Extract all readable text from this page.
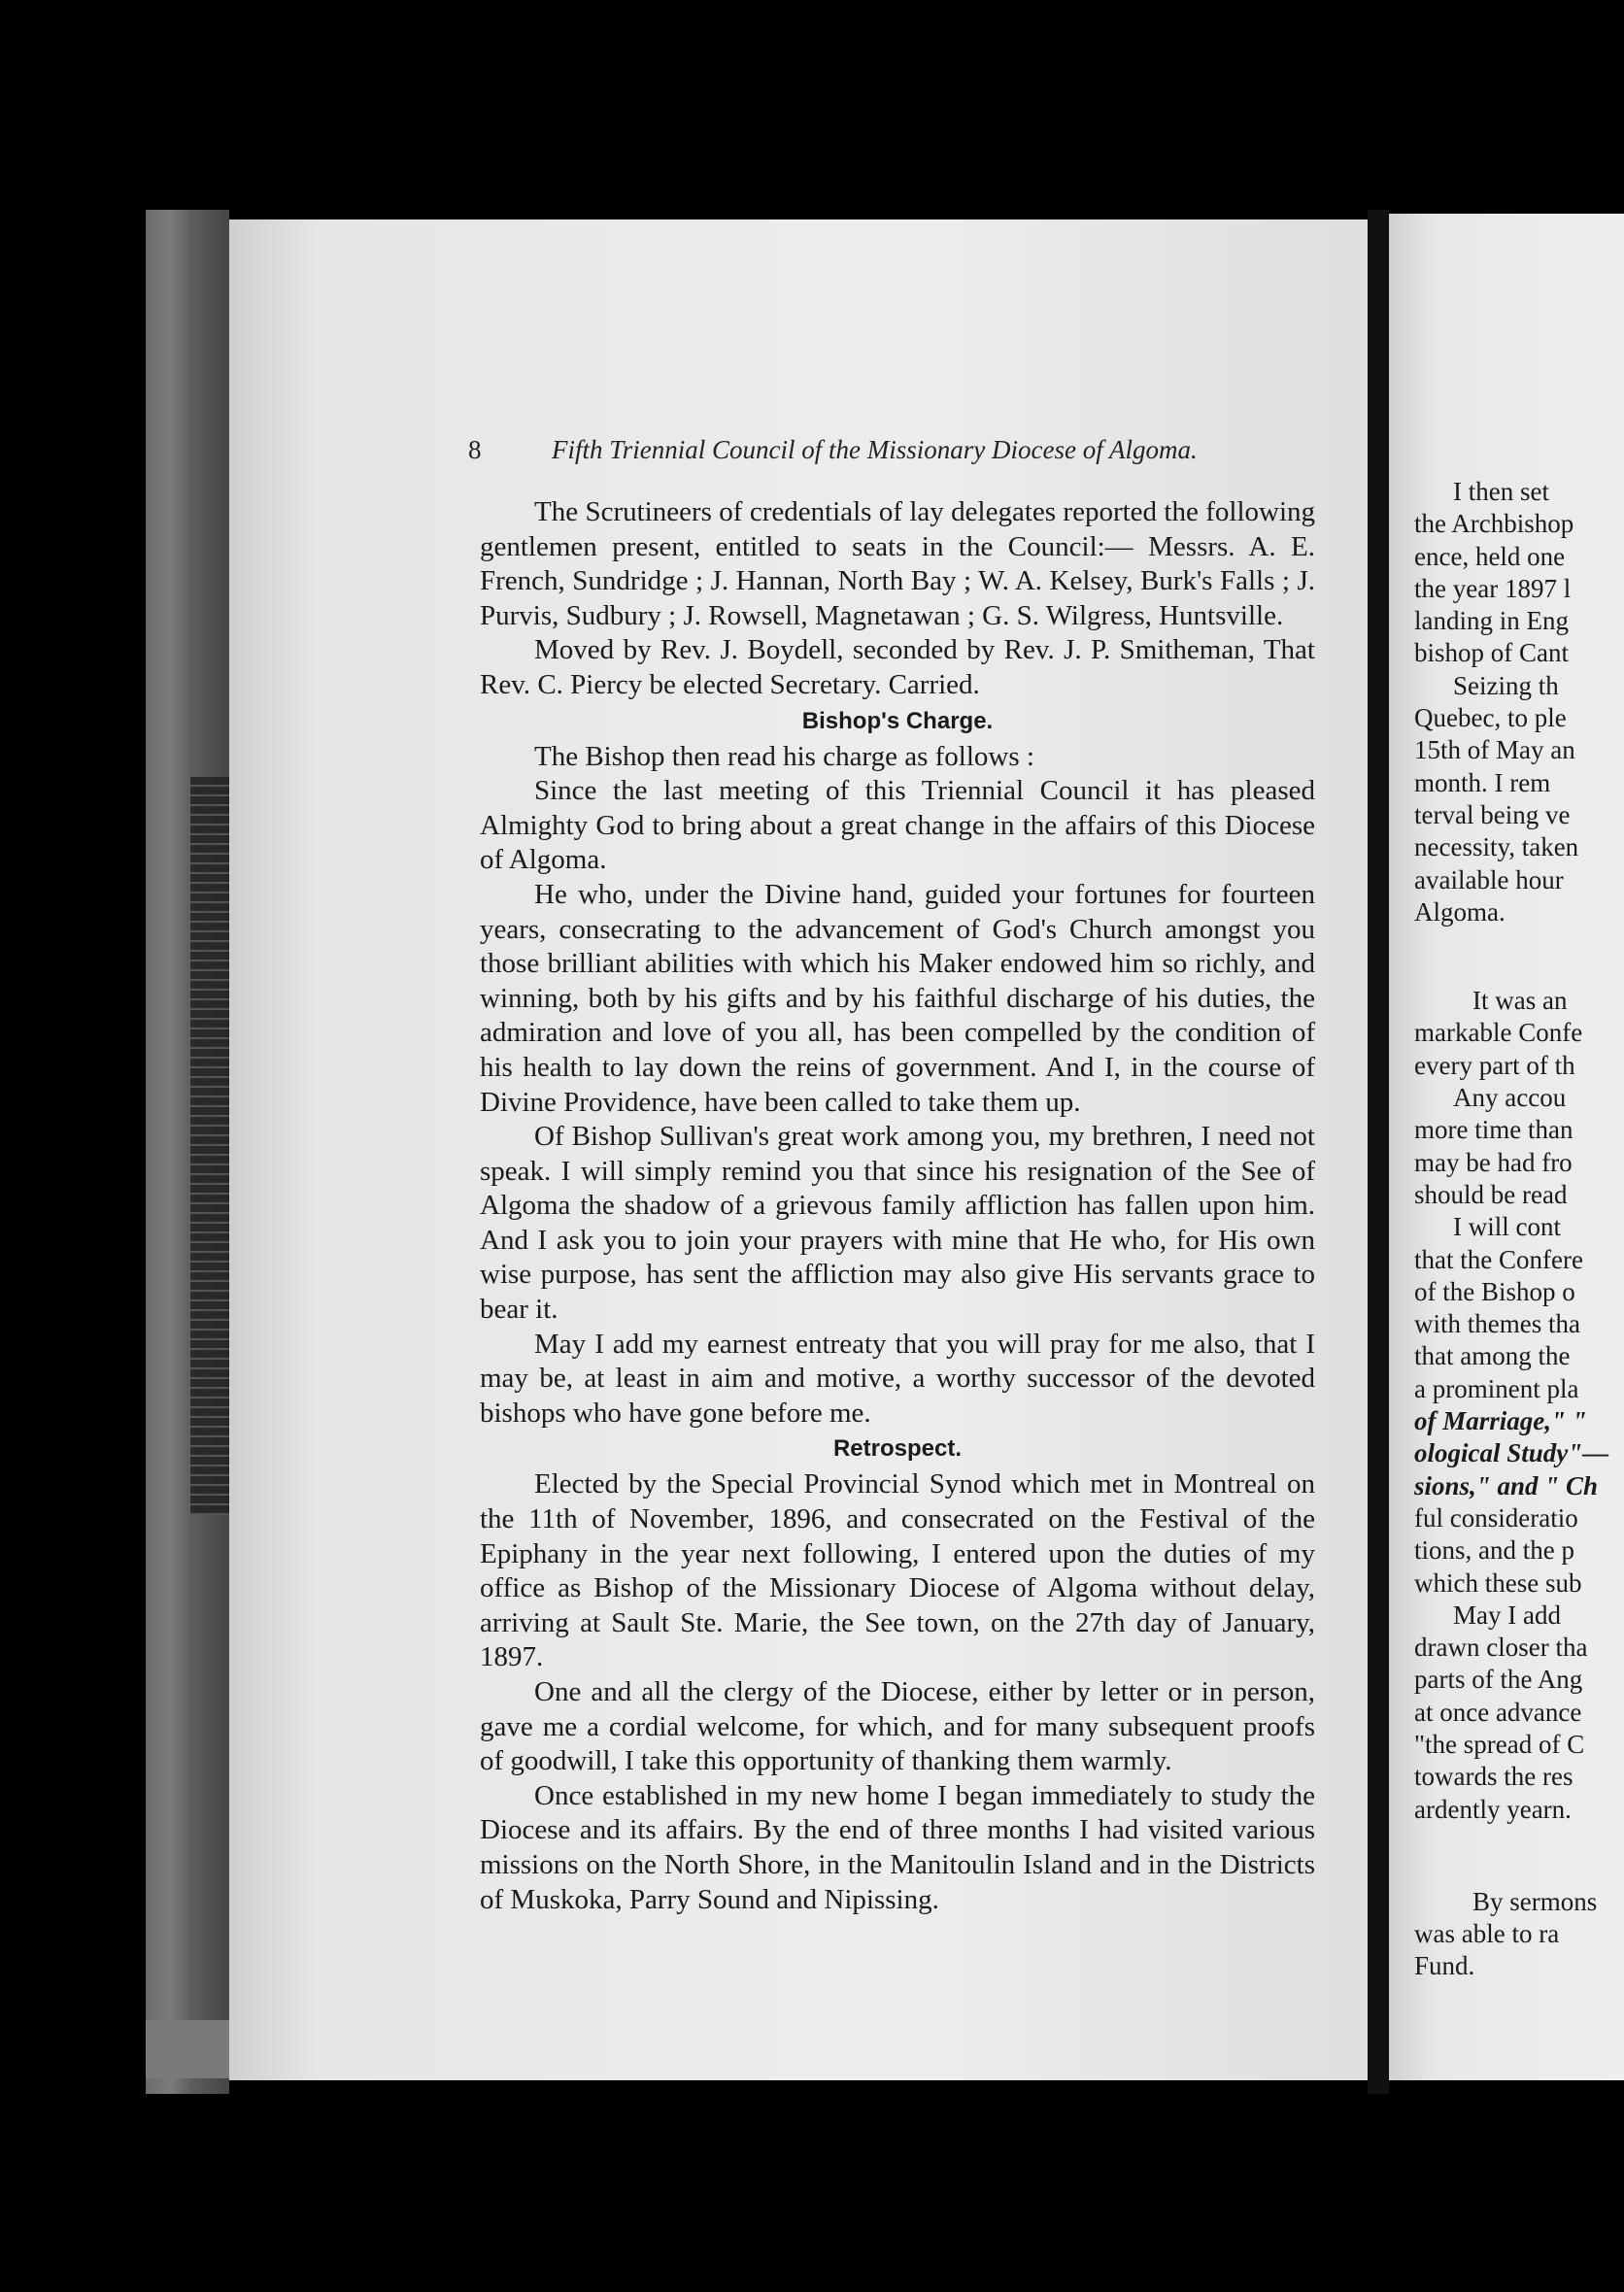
8	Fifth Triennial Council of the Missionary Diocese of Algoma.

The Scrutineers of credentials of lay delegates reported the following gentlemen present, entitled to seats in the Council:— Messrs. A. E. French, Sundridge ; J. Hannan, North Bay ; W. A. Kelsey, Burk's Falls ; J. Purvis, Sudbury ; J. Rowsell, Magnetawan ; G. S. Wilgress, Huntsville.

Moved by Rev. J. Boydell, seconded by Rev. J. P. Smitheman, That Rev. C. Piercy be elected Secretary. Carried.

Bishop's Charge.

The Bishop then read his charge as follows :

Since the last meeting of this Triennial Council it has pleased Almighty God to bring about a great change in the affairs of this Diocese of Algoma.

He who, under the Divine hand, guided your fortunes for fourteen years, consecrating to the advancement of God's Church amongst you those brilliant abilities with which his Maker endowed him so richly, and winning, both by his gifts and by his faithful discharge of his duties, the admiration and love of you all, has been compelled by the condition of his health to lay down the reins of government. And I, in the course of Divine Providence, have been called to take them up.

Of Bishop Sullivan's great work among you, my brethren, I need not speak. I will simply remind you that since his resignation of the See of Algoma the shadow of a grievous family affliction has fallen upon him. And I ask you to join your prayers with mine that He who, for His own wise purpose, has sent the affliction may also give His servants grace to bear it.

May I add my earnest entreaty that you will pray for me also, that I may be, at least in aim and motive, a worthy successor of the devoted bishops who have gone before me.

Retrospect.

Elected by the Special Provincial Synod which met in Montreal on the 11th of November, 1896, and consecrated on the Festival of the Epiphany in the year next following, I entered upon the duties of my office as Bishop of the Missionary Diocese of Algoma without delay, arriving at Sault Ste. Marie, the See town, on the 27th day of January, 1897.

One and all the clergy of the Diocese, either by letter or in person, gave me a cordial welcome, for which, and for many subsequent proofs of goodwill, I take this opportunity of thanking them warmly.

Once established in my new home I began immediately to study the Diocese and its affairs. By the end of three months I had visited various missions on the North Shore, in the Manitoulin Island and in the Districts of Muskoka, Parry Sound and Nipissing.

I then set
the Archbishop
ence, held one
the year 1897 l
landing in Eng
bishop of Cant
Seizing th
Quebec, to ple
15th of May an
month. I rem
terval being ve
necessity, taken
available hour
Algoma.
It was an
markable Confe
every part of th
Any accou
more time than
may be had fro
should be read
I will cont
that the Confere
of the Bishop o
with themes tha
that among the
a prominent pla
of Marriage," "
ological Study"—
sions," and " Ch
ful consideratio
tions, and the p
which these sub
May I add
drawn closer tha
parts of the Ang
at once advance
"the spread of C
towards the res
ardently yearn.
By sermons
was able to ra
Fund.
